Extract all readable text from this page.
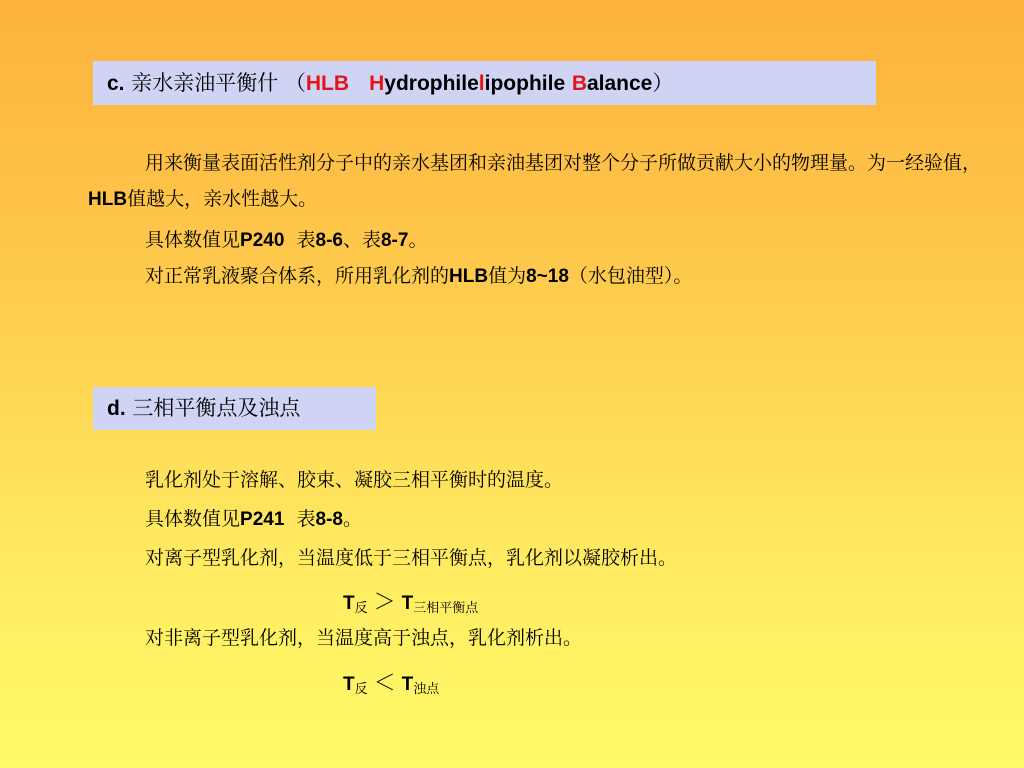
c. 亲水亲油平衡什 （HLB Hydrophilelipophile Balance）
用来衡量表面活性剂分子中的亲水基团和亲油基团对整个分子所做贡献大小的物理量。为一经验值，HLB值越大，亲水性越大。
具体数值见P240 表8-6、表8-7。
对正常乳液聚合体系，所用乳化剂的HLB值为8~18（水包油型）。
d. 三相平衡点及浊点
乳化剂处于溶解、胶束、凝胶三相平衡时的温度。
具体数值见P241 表8-8。
对离子型乳化剂，当温度低于三相平衡点，乳化剂以凝胶析出。
$T_反 > T_{三相平衡点}$
对非离子型乳化剂，当温度高于浊点，乳化剂析出。
$T_反 < T_{浊点}$
